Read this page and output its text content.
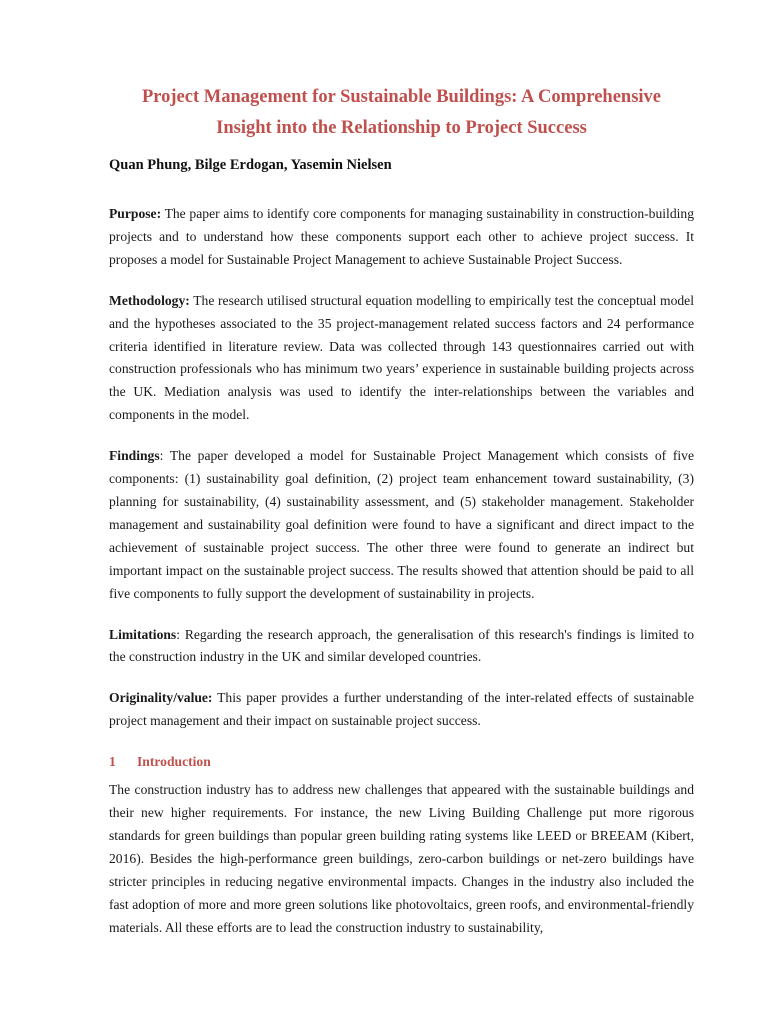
Project Management for Sustainable Buildings: A Comprehensive
Insight into the Relationship to Project Success
Quan Phung, Bilge Erdogan, Yasemin Nielsen

Purpose: The paper aims to identify core components for managing sustainability in construction-building projects and to understand how these components support each other to achieve project success. It proposes a model for Sustainable Project Management to achieve Sustainable Project Success.

Methodology: The research utilised structural equation modelling to empirically test the conceptual model and the hypotheses associated to the 35 project-management related success factors and 24 performance criteria identified in literature review. Data was collected through 143 questionnaires carried out with construction professionals who has minimum two years’ experience in sustainable building projects across the UK. Mediation analysis was used to identify the inter-relationships between the variables and components in the model.

Findings: The paper developed a model for Sustainable Project Management which consists of five components: (1) sustainability goal definition, (2) project team enhancement toward sustainability, (3) planning for sustainability, (4) sustainability assessment, and (5) stakeholder management. Stakeholder management and sustainability goal definition were found to have a significant and direct impact to the achievement of sustainable project success. The other three were found to generate an indirect but important impact on the sustainable project success. The results showed that attention should be paid to all five components to fully support the development of sustainability in projects.

Limitations: Regarding the research approach, the generalisation of this research's findings is limited to the construction industry in the UK and similar developed countries.

Originality/value: This paper provides a further understanding of the inter-related effects of sustainable project management and their impact on sustainable project success.

1 Introduction

The construction industry has to address new challenges that appeared with the sustainable buildings and their new higher requirements. For instance, the new Living Building Challenge put more rigorous standards for green buildings than popular green building rating systems like LEED or BREEAM (Kibert, 2016). Besides the high-performance green buildings, zero-carbon buildings or net-zero buildings have stricter principles in reducing negative environmental impacts. Changes in the industry also included the fast adoption of more and more green solutions like photovoltaics, green roofs, and environmental-friendly materials. All these efforts are to lead the construction industry to sustainability,
